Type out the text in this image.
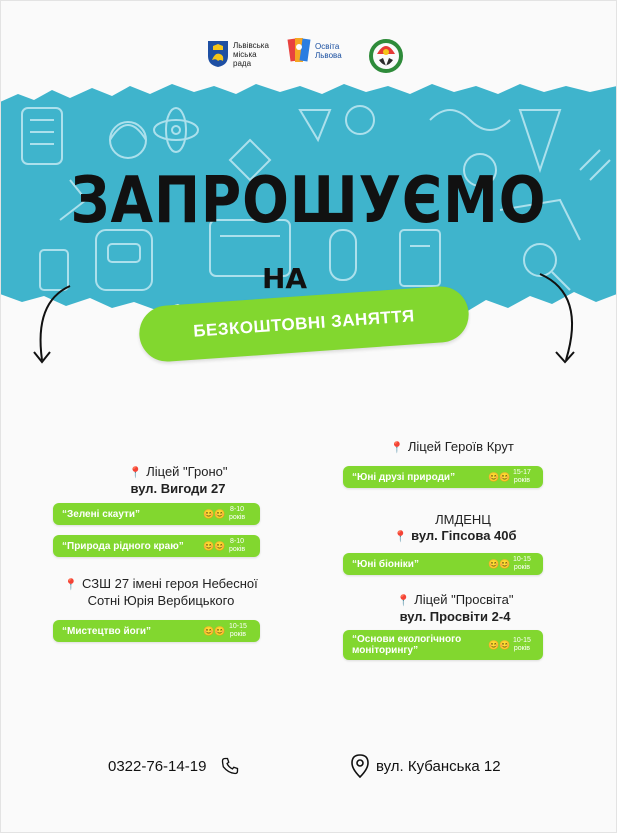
Львівська
міська
рада
Освіта
Львова
ЗАПРОШУЄМО
НА
БЕЗКОШТОВНІ ЗАНЯТТЯ
📍 Ліцей "Гроно"
вул. Вигоди 27
“Зелені скаути”	😊😊 8-10
років
“Природа рідного краю” 😊😊 8-10
років
📍 СЗШ 27 імені героя Небесної
Сотні Юрія Вербицького
“Мистецтво йоги”	😊😊 10-15
років
📍 Ліцей Героїв Крут
“Юні друзі природи”	😊😊 15-17
років
ЛМДЕНЦ
📍 вул. Гіпсова 40б
“Юні біоніки”	😊😊 10-15
років
📍 Ліцей "Просвіта"
вул. Просвіти 2-4
“Основи екологічного
моніторингу”
😊😊 10-15
років
0322-76-14-19	вул. Кубанська 12
